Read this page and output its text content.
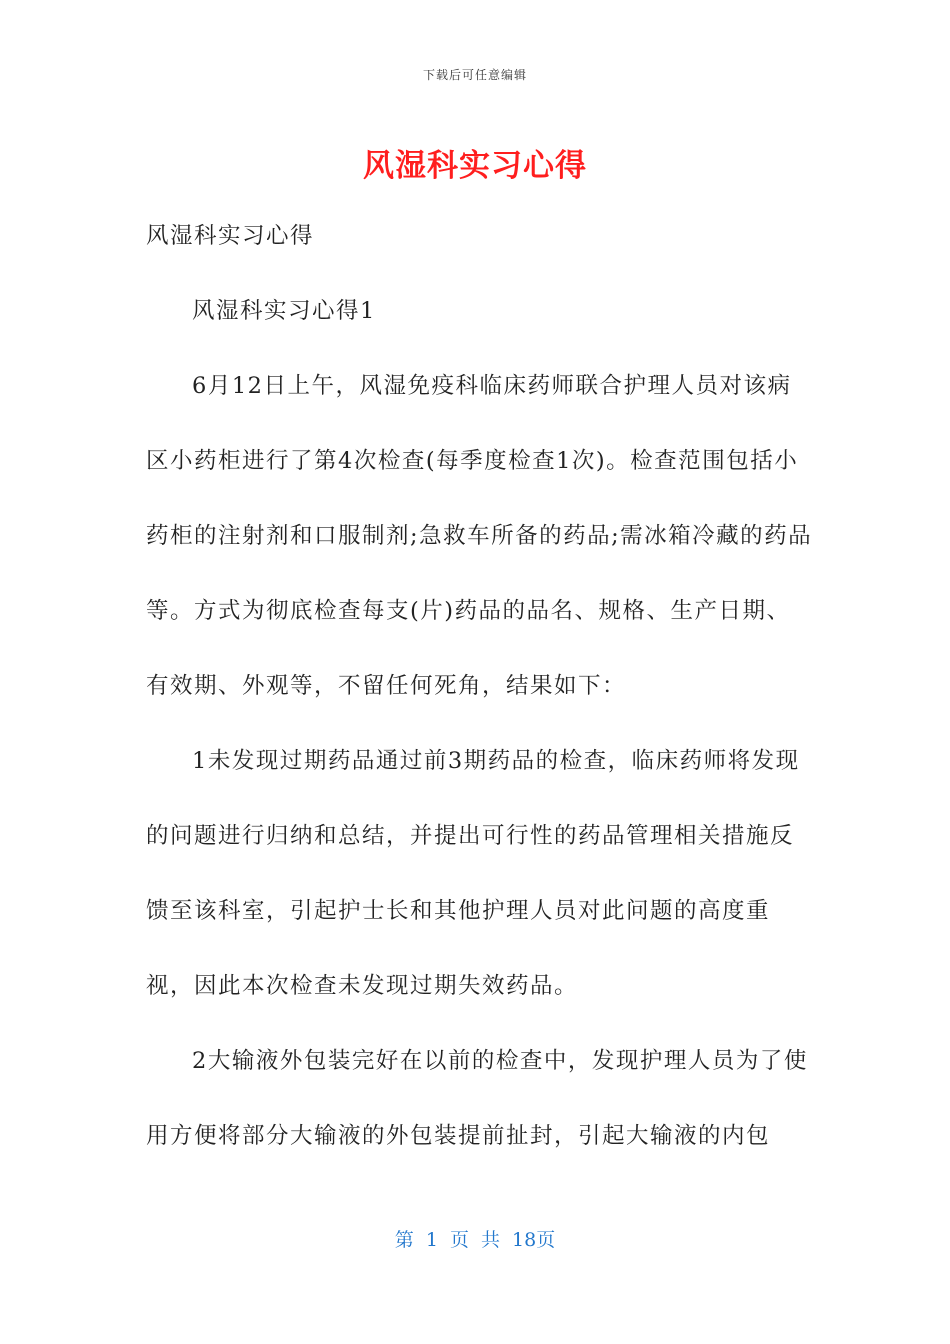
下载后可任意编辑
风湿科实习心得

风湿科实习心得

风湿科实习心得1

6月12日上午，风湿免疫科临床药师联合护理人员对该病区小药柜进行了第4次检查(每季度检查1次)。检查范围包括小药柜的注射剂和口服制剂;急救车所备的药品;需冰箱冷藏的药品等。方式为彻底检查每支(片)药品的品名、规格、生产日期、有效期、外观等，不留任何死角，结果如下：

1未发现过期药品通过前3期药品的检查，临床药师将发现的问题进行归纳和总结，并提出可行性的药品管理相关措施反馈至该科室，引起护士长和其他护理人员对此问题的高度重视，因此本次检查未发现过期失效药品。

2大输液外包装完好在以前的检查中，发现护理人员为了使用方便将部分大输液的外包装提前扯封，引起大输液的内包

第 1 页 共 18页
